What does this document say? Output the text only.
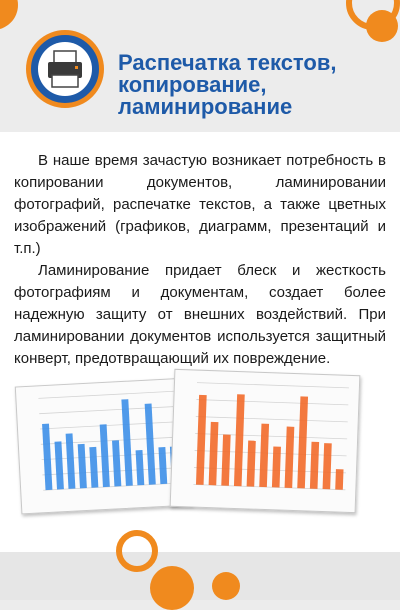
Распечатка текстов,
копирование,
ламинирование

В наше время зачастую возникает потребность в копировании документов, ламинировании фотографий, распечатке текстов, а также цветных изображений (графиков, диаграмм, презентаций и т.п.)

Ламинирование придает блеск и жесткость фотографиям и документам, создает более надежную защиту от внешних воздействий. При ламинировании документов используется защитный конверт, предотвращающий их повреждение.
